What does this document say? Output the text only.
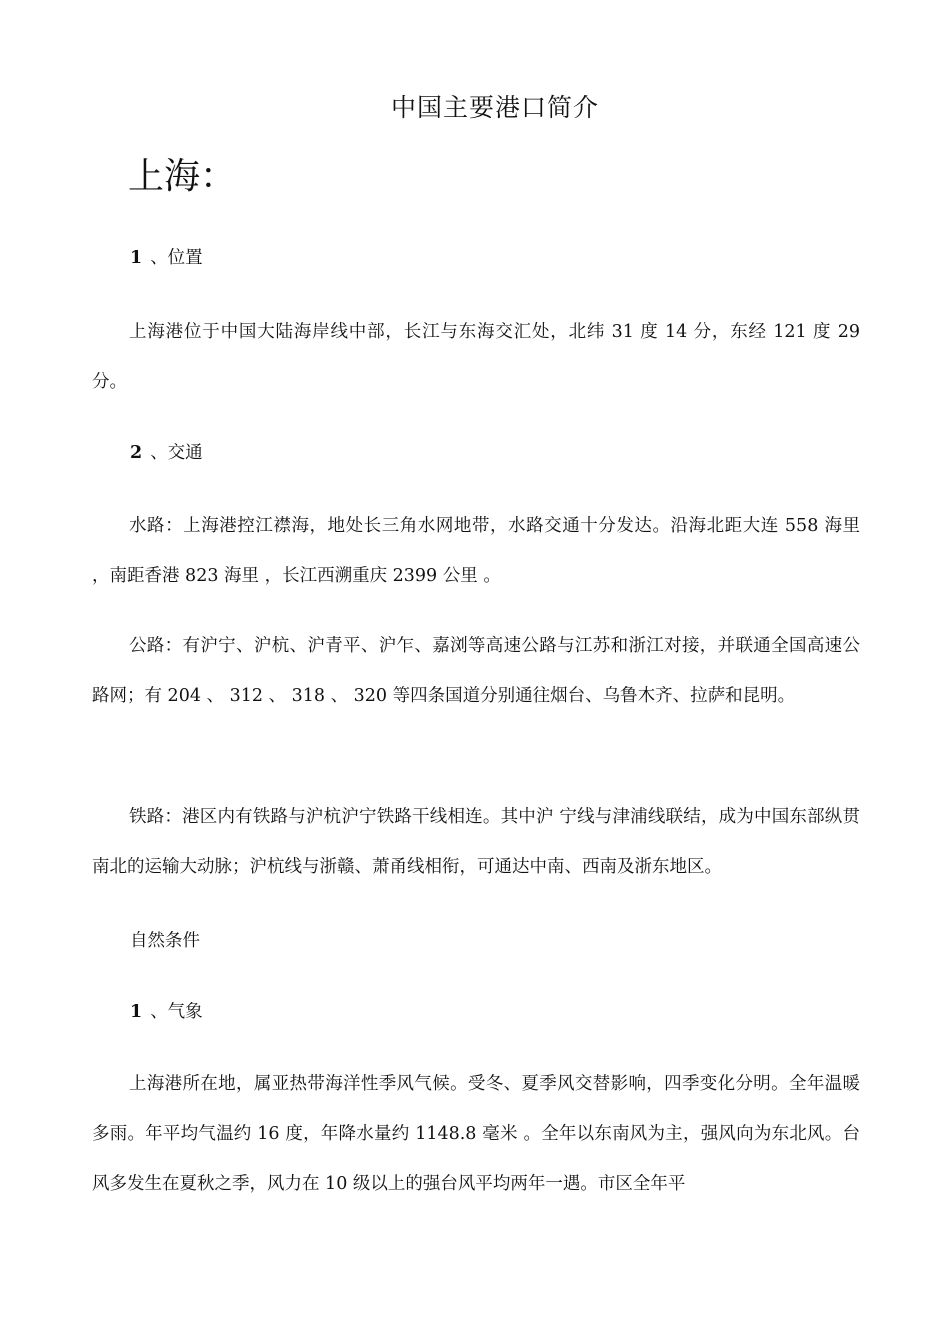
中国主要港口简介
上海：
1 、位置

上海港位于中国大陆海岸线中部，长江与东海交汇处，北纬 31 度 14 分，东经 121 度 29 分。

2 、交通

水路：上海港控江襟海，地处长三角水网地带，水路交通十分发达。沿海北距大连 558 海里 ，南距香港 823 海里 ，长江西溯重庆 2399 公里 。

公路：有沪宁、沪杭、沪青平、沪乍、嘉浏等高速公路与江苏和浙江对接，并联通全国高速公路网；有 204 、 312 、 318 、 320 等四条国道分别通往烟台、乌鲁木齐、拉萨和昆明。

铁路：港区内有铁路与沪杭沪宁铁路干线相连。其中沪 宁线与津浦线联结，成为中国东部纵贯南北的运输大动脉；沪杭线与浙赣、萧甬线相衔，可通达中南、西南及浙东地区。

自然条件
1 、气象

上海港所在地，属亚热带海洋性季风气候。受冬、夏季风交替影响，四季变化分明。全年温暖多雨。年平均气温约 16 度，年降水量约 1148.8 毫米 。全年以东南风为主，强风向为东北风。台风多发生在夏秋之季，风力在 10 级以上的强台风平均两年一遇。市区全年平
